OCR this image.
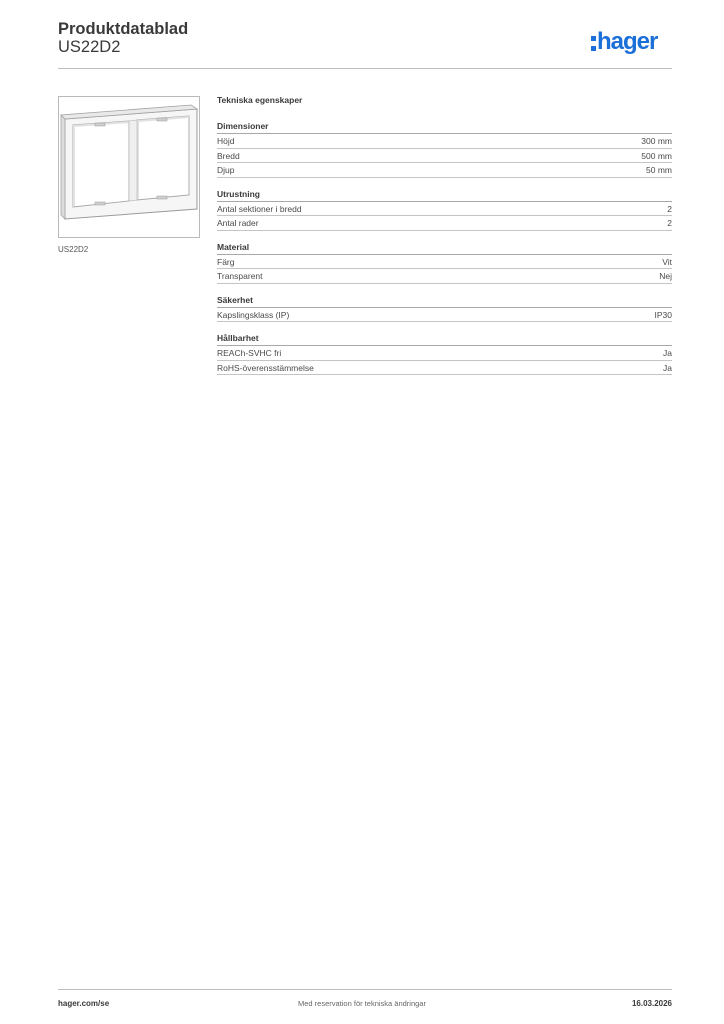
Produktdatablad
US22D2	hager
US22D2
Tekniska egenskaper
Dimensioner
Höjd	300 mm
Bredd	500 mm
Djup	50 mm
Utrustning
Antal sektioner i bredd	2
Antal rader	2
Material
Färg	Vit
Transparent	Nej
Säkerhet
Kapslingsklass (IP)	IP30
Hållbarhet
REACh-SVHC fri	Ja
RoHS-överensstämmelse	Ja
hager.com/se	Med reservation för tekniska ändringar	16.03.2026
